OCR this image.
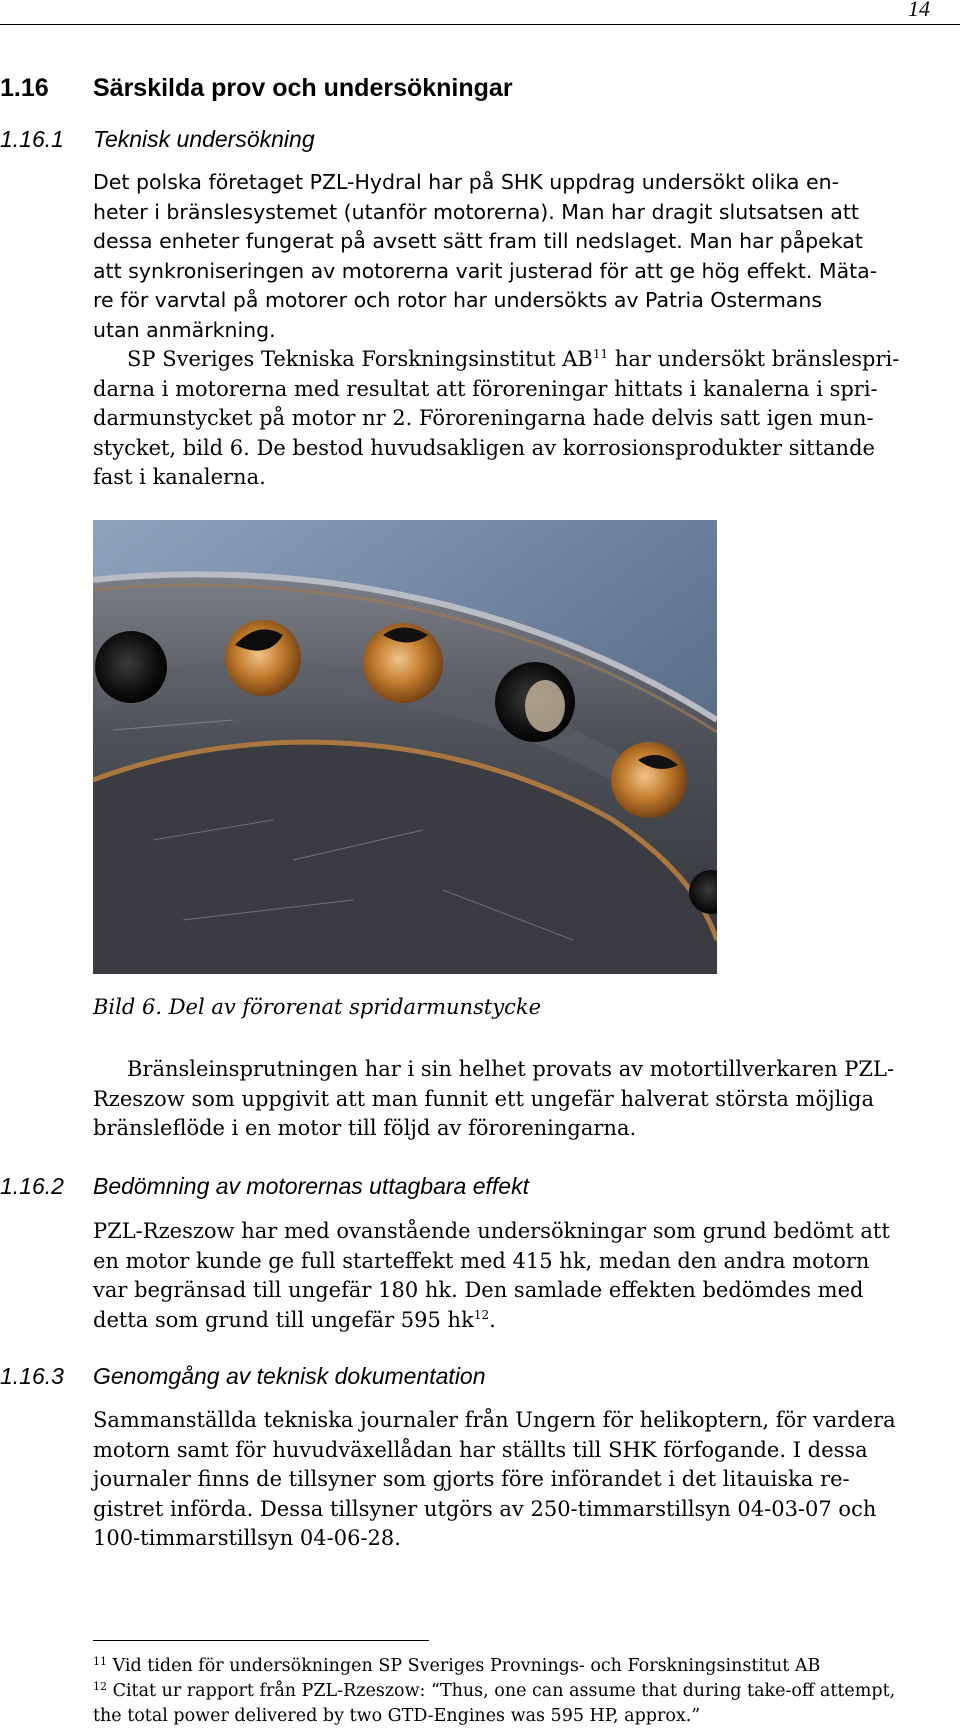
14
1.16 Särskilda prov och undersökningar
1.16.1 Teknisk undersökning
Det polska företaget PZL-Hydral har på SHK uppdrag undersökt olika en-
heter i bränslesystemet (utanför motorerna). Man har dragit slutsatsen att
dessa enheter fungerat på avsett sätt fram till nedslaget. Man har påpekat
att synkroniseringen av motorerna varit justerad för att ge hög effekt. Mäta-
re för varvtal på motorer och rotor har undersökts av Patria Ostermans
utan anmärkning.
SP Sveriges Tekniska Forskningsinstitut AB$^{11}$ har undersökt bränslespri-
darna i motorerna med resultat att föroreningar hittats i kanalerna i spri-
darmunstycket på motor nr 2. Föroreningarna hade delvis satt igen mun-
stycket, bild 6. De bestod huvudsakligen av korrosionsprodukter sittande
fast i kanalerna.
Bild 6. Del av förorenat spridarmunstycke
Bränsleinsprutningen har i sin helhet provats av motortillverkaren PZL-
Rzeszow som uppgivit att man funnit ett ungefär halverat största möjliga
bränsleflöde i en motor till följd av föroreningarna.
1.16.2 Bedömning av motorernas uttagbara effekt
PZL-Rzeszow har med ovanstående undersökningar som grund bedömt att
en motor kunde ge full starteffekt med 415 hk, medan den andra motorn
var begränsad till ungefär 180 hk. Den samlade effekten bedömdes med
detta som grund till ungefär 595 $hk^{12}$.
1.16.3 Genomgång av teknisk dokumentation
Sammanställda tekniska journaler från Ungern för helikoptern, för vardera
motorn samt för huvudväxellådan har ställts till SHK förfogande. I dessa
journaler finns de tillsyner som gjorts före införandet i det litauiska re-
gistret införda. Dessa tillsyner utgörs av 250-timmarstillsyn 04-03-07 och
100-timmarstillsyn 04-06-28.
$^{11}$ Vid tiden för undersökningen SP Sveriges Provnings- och Forskningsinstitut AB
$^{12}$ Citat ur rapport från PZL-Rzeszow: “Thus, one can assume that during take-off attempt,
the total power delivered by two GTD-Engines was 595 HP, approx.”
